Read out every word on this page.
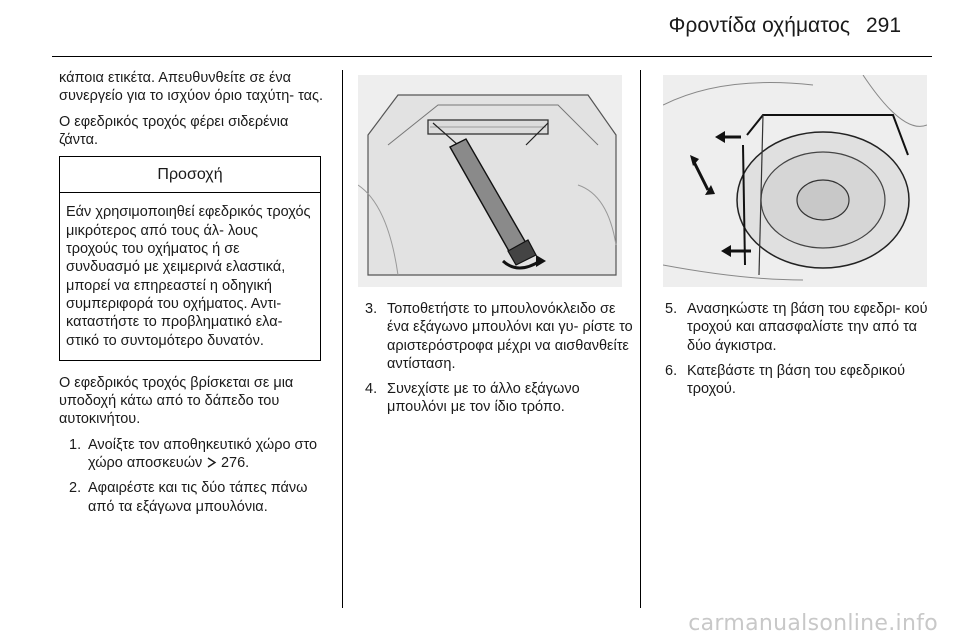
Φροντίδα οχήματος 291

κάποια ετικέτα. Απευθυνθείτε σε ένα συνεργείο για το ισχύον όριο ταχύτη- τας.

Ο εφεδρικός τροχός φέρει σιδερένια ζάντα.

Προσοχή
Εάν χρησιμοποιηθεί εφεδρικός τροχός μικρότερος από τους άλ- λους τροχούς του οχήματος ή σε συνδυασμό με χειμερινά ελαστικά, μπορεί να επηρεαστεί η οδηγική συμπεριφορά του οχήματος. Αντι- καταστήστε το προβληματικό ελα- στικό το συντομότερο δυνατόν.

Ο εφεδρικός τροχός βρίσκεται σε μια υποδοχή κάτω από το δάπεδο του αυτοκινήτου.

1. Ανοίξτε τον αποθηκευτικό χώρο στο χώρο αποσκευών 276.
2. Αφαιρέστε και τις δύο τάπες πάνω από τα εξάγωνα μπουλόνια.
3. Τοποθετήστε το μπουλονόκλειδο σε ένα εξάγωνο μπουλόνι και γυ- ρίστε το αριστερόστροφα μέχρι να αισθανθείτε αντίσταση.
4. Συνεχίστε με το άλλο εξάγωνο μπουλόνι με τον ίδιο τρόπο.
5. Ανασηκώστε τη βάση του εφεδρι- κού τροχού και απασφαλίστε την από τα δύο άγκιστρα.
6. Κατεβάστε τη βάση του εφεδρικού τροχού.
carmanualsonline.info
